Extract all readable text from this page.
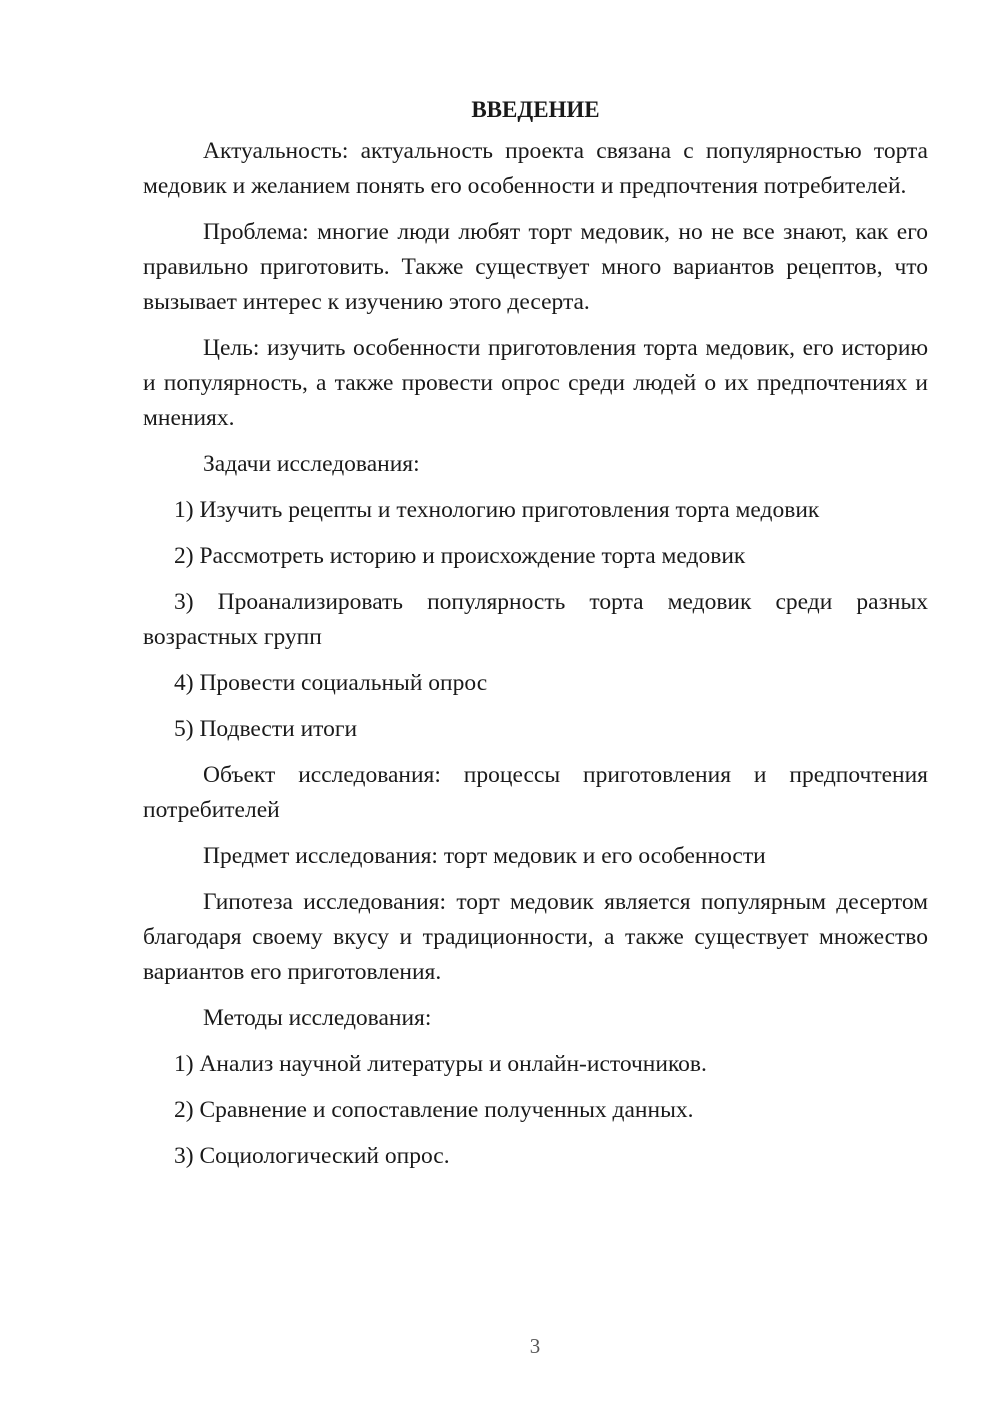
ВВЕДЕНИЕ

Актуальность: актуальность проекта связана с популярностью торта медовик и желанием понять его особенности и предпочтения потребителей.

Проблема: многие люди любят торт медовик, но не все знают, как его правильно приготовить. Также существует много вариантов рецептов, что вызывает интерес к изучению этого десерта.

Цель: изучить особенности приготовления торта медовик, его историю и популярность, а также провести опрос среди людей о их предпочтениях и мнениях.

Задачи исследования:

1) Изучить рецепты и технологию приготовления торта медовик

2) Рассмотреть историю и происхождение торта медовик

3) Проанализировать популярность торта медовик среди разных возрастных групп

4) Провести социальный опрос

5) Подвести итоги

Объект исследования: процессы приготовления и предпочтения потребителей

Предмет исследования: торт медовик и его особенности

Гипотеза исследования: торт медовик является популярным десертом благодаря своему вкусу и традиционности, а также существует множество вариантов его приготовления.

Методы исследования:

1) Анализ научной литературы и онлайн-источников.

2) Сравнение и сопоставление полученных данных.

3) Социологический опрос.

3
